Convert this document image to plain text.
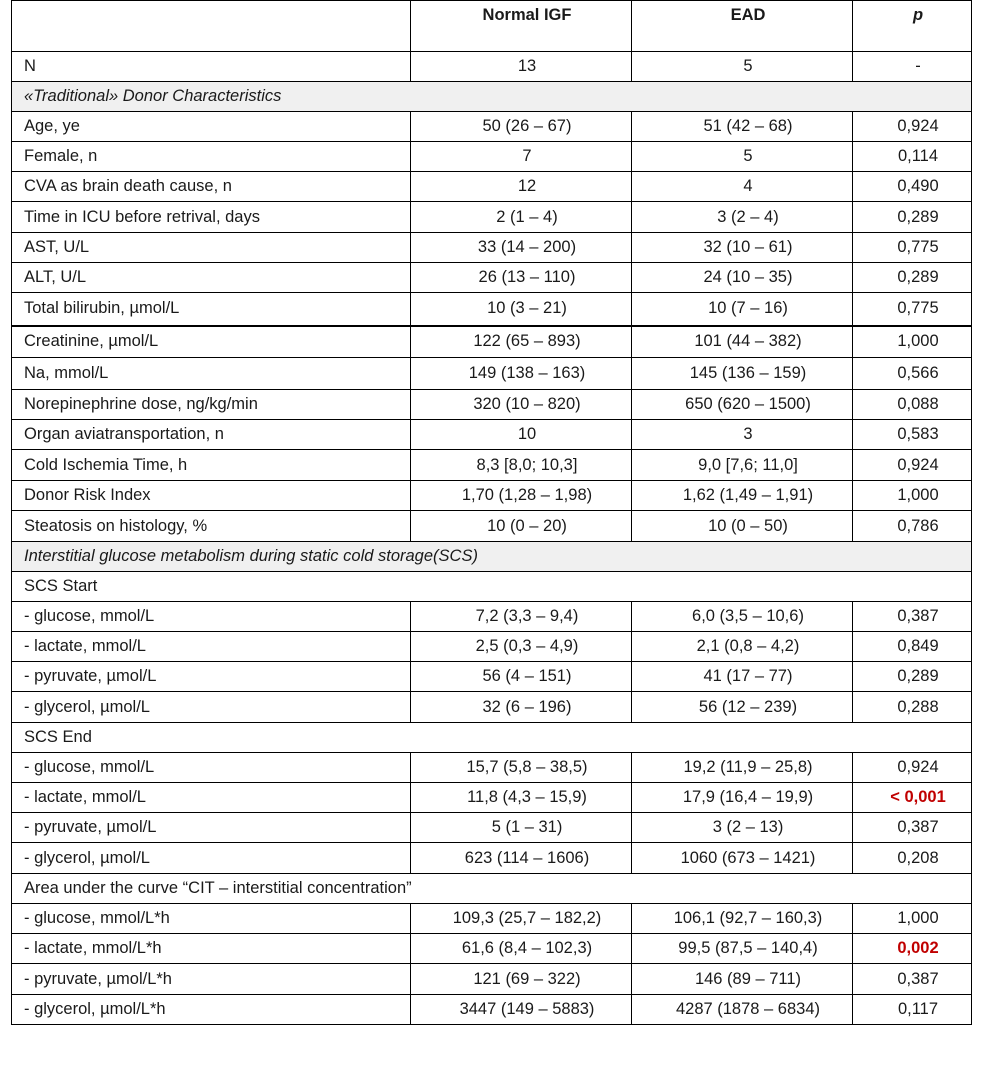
	Normal IGF	EAD	p
N	13	5	-
«Traditional» Donor Characteristics			
Age, ye	50 (26 – 67)	51 (42 – 68)	0,924
Female, n	7	5	0,114
CVA as brain death cause, n	12	4	0,490
Time in ICU before retrival, days	2 (1 – 4)	3 (2 – 4)	0,289
AST, U/L	33 (14 – 200)	32 (10 – 61)	0,775
ALT, U/L	26 (13 – 110)	24 (10 – 35)	0,289
Total bilirubin, µmol/L	10 (3 – 21)	10 (7 – 16)	0,775
Creatinine, µmol/L	122 (65 – 893)	101 (44 – 382)	1,000
Na, mmol/L	149 (138 – 163)	145 (136 – 159)	0,566
Norepinephrine dose, ng/kg/min	320 (10 – 820)	650 (620 – 1500)	0,088
Organ aviatransportation, n	10	3	0,583
Cold Ischemia Time, h	8,3 [8,0; 10,3]	9,0 [7,6; 11,0]	0,924
Donor Risk Index	1,70 (1,28 – 1,98)	1,62 (1,49 – 1,91)	1,000
Steatosis on histology, %	10 (0 – 20)	10 (0 – 50)	0,786
Interstitial glucose metabolism during static cold storage(SCS)			
SCS Start			
- glucose, mmol/L	7,2 (3,3 – 9,4)	6,0 (3,5 – 10,6)	0,387
- lactate, mmol/L	2,5 (0,3 – 4,9)	2,1 (0,8 – 4,2)	0,849
- pyruvate, µmol/L	56 (4 – 151)	41 (17 – 77)	0,289
- glycerol, µmol/L	32 (6 – 196)	56 (12 – 239)	0,288
SCS End			
- glucose, mmol/L	15,7 (5,8 – 38,5)	19,2 (11,9 – 25,8)	0,924
- lactate, mmol/L	11,8 (4,3 – 15,9)	17,9 (16,4 – 19,9)	< 0,001
- pyruvate, µmol/L	5 (1 – 31)	3 (2 – 13)	0,387
- glycerol, µmol/L	623 (114 – 1606)	1060 (673 – 1421)	0,208
Area under the curve “CIT – interstitial concentration”			
- glucose, mmol/L*h	109,3 (25,7 – 182,2)	106,1 (92,7 – 160,3)	1,000
- lactate, mmol/L*h	61,6 (8,4 – 102,3)	99,5 (87,5 – 140,4)	0,002
- pyruvate, µmol/L*h	121 (69 – 322)	146 (89 – 711)	0,387
- glycerol, µmol/L*h	3447 (149 – 5883)	4287 (1878 – 6834)	0,117
